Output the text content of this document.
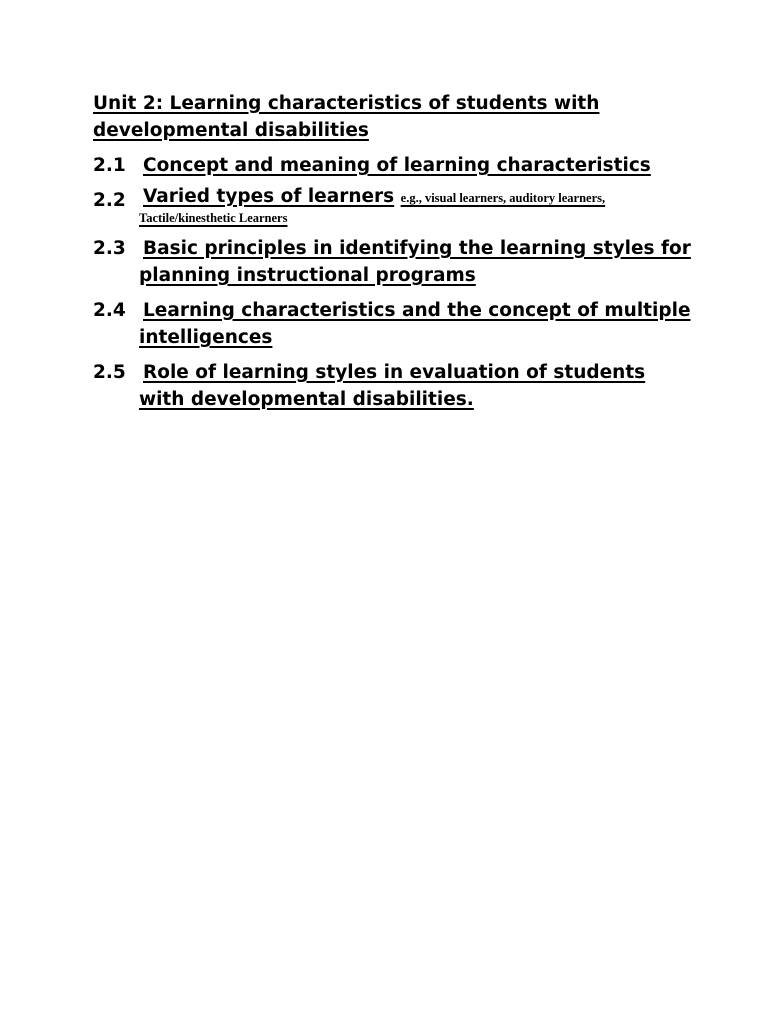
Unit 2: Learning characteristics of students with developmental disabilities
2.1 Concept and meaning of learning characteristics
2.2 Varied types of learners e.g., visual learners, auditory learners, Tactile/kinesthetic Learners
2.3 Basic principles in identifying the learning styles for planning instructional programs
2.4 Learning characteristics and the concept of multiple intelligences
2.5 Role of learning styles in evaluation of students with developmental disabilities.
